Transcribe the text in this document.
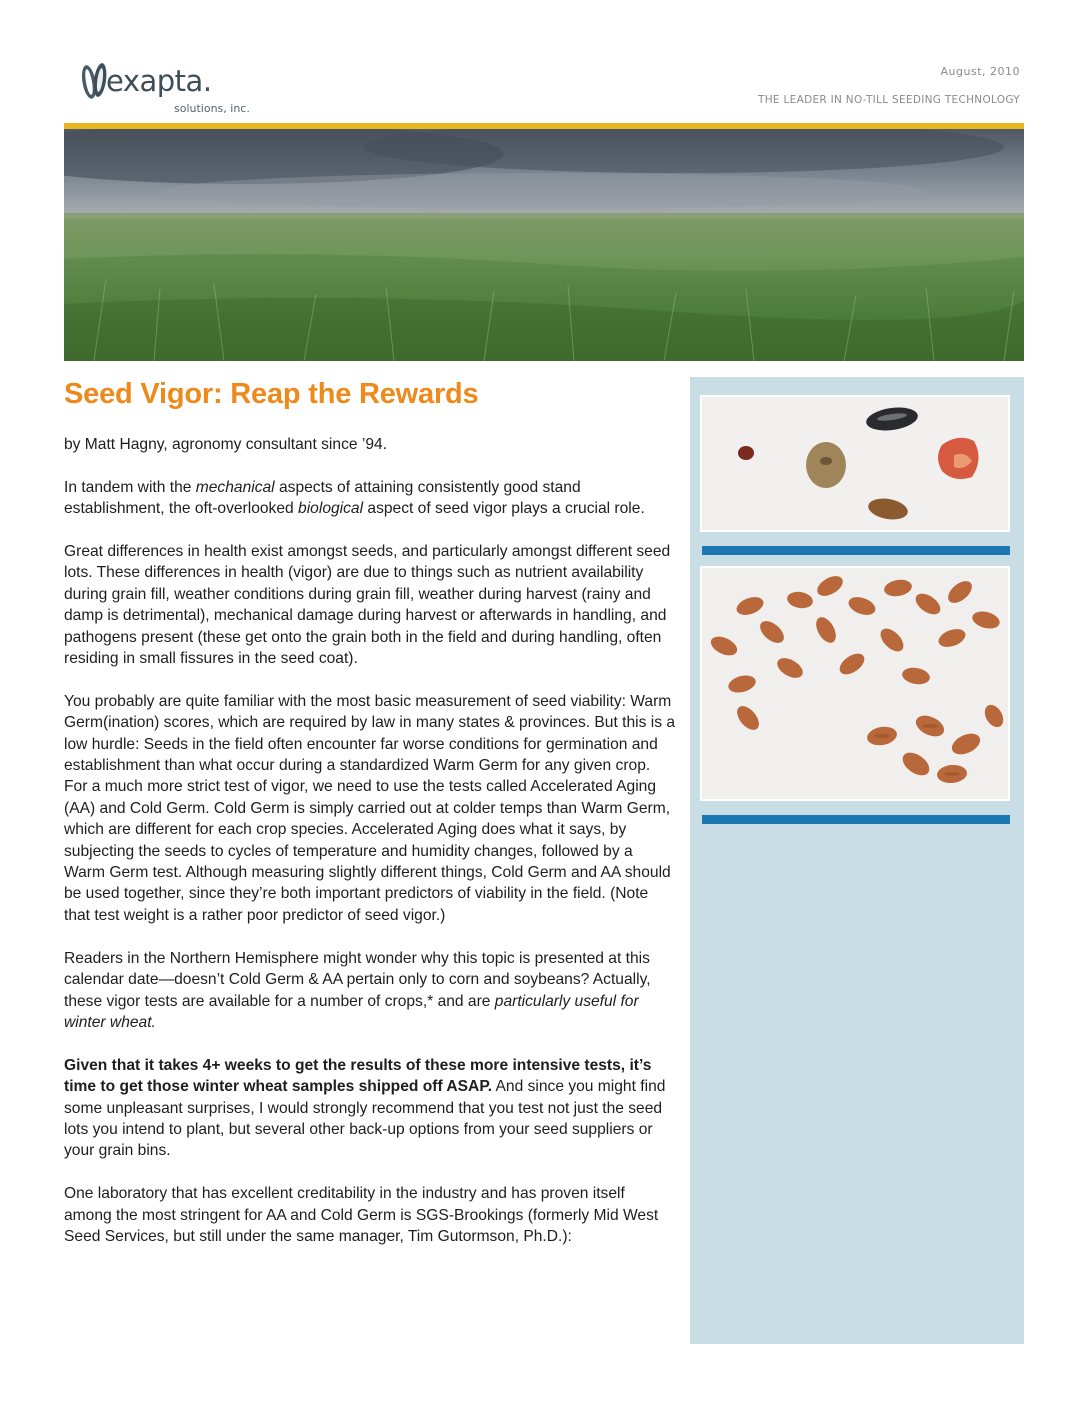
exapta.
solutions, inc.
August, 2010
THE LEADER IN NO-TILL SEEDING TECHNOLOGY
Seed Vigor: Reap the Rewards

by Matt Hagny, agronomy consultant since ’94.

In tandem with the mechanical aspects of attaining consistently good stand establishment, the oft-overlooked biological aspect of seed vigor plays a crucial role.

Great differences in health exist amongst seeds, and particularly amongst different seed lots. These differences in health (vigor) are due to things such as nutrient availability during grain fill, weather conditions during grain fill, weather during harvest (rainy and damp is detrimental), mechanical damage during harvest or afterwards in handling, and pathogens present (these get onto the grain both in the field and during handling, often residing in small fissures in the seed coat).

You probably are quite familiar with the most basic measurement of seed viability: Warm Germ(ination) scores, which are required by law in many states & provinces. But this is a low hurdle: Seeds in the field often encounter far worse conditions for germination and establishment than what occur during a standardized Warm Germ for any given crop. For a much more strict test of vigor, we need to use the tests called Accelerated Aging (AA) and Cold Germ. Cold Germ is simply carried out at colder temps than Warm Germ, which are different for each crop species. Accelerated Aging does what it says, by subjecting the seeds to cycles of temperature and humidity changes, followed by a Warm Germ test. Although measuring slightly different things, Cold Germ and AA should be used together, since they’re both important predictors of viability in the field. (Note that test weight is a rather poor predictor of seed vigor.)

Readers in the Northern Hemisphere might wonder why this topic is presented at this calendar date—doesn’t Cold Germ & AA pertain only to corn and soybeans? Actually, these vigor tests are available for a number of crops,* and are particularly useful for winter wheat.

Given that it takes 4+ weeks to get the results of these more intensive tests, it’s time to get those winter wheat samples shipped off ASAP. And since you might find some unpleasant surprises, I would strongly recommend that you test not just the seed lots you intend to plant, but several other back-up options from your seed suppliers or your grain bins.

One laboratory that has excellent creditability in the industry and has proven itself among the most stringent for AA and Cold Germ is SGS-Brookings (formerly Mid West Seed Services, but still under the same manager, Tim Gutormson, Ph.D.):
